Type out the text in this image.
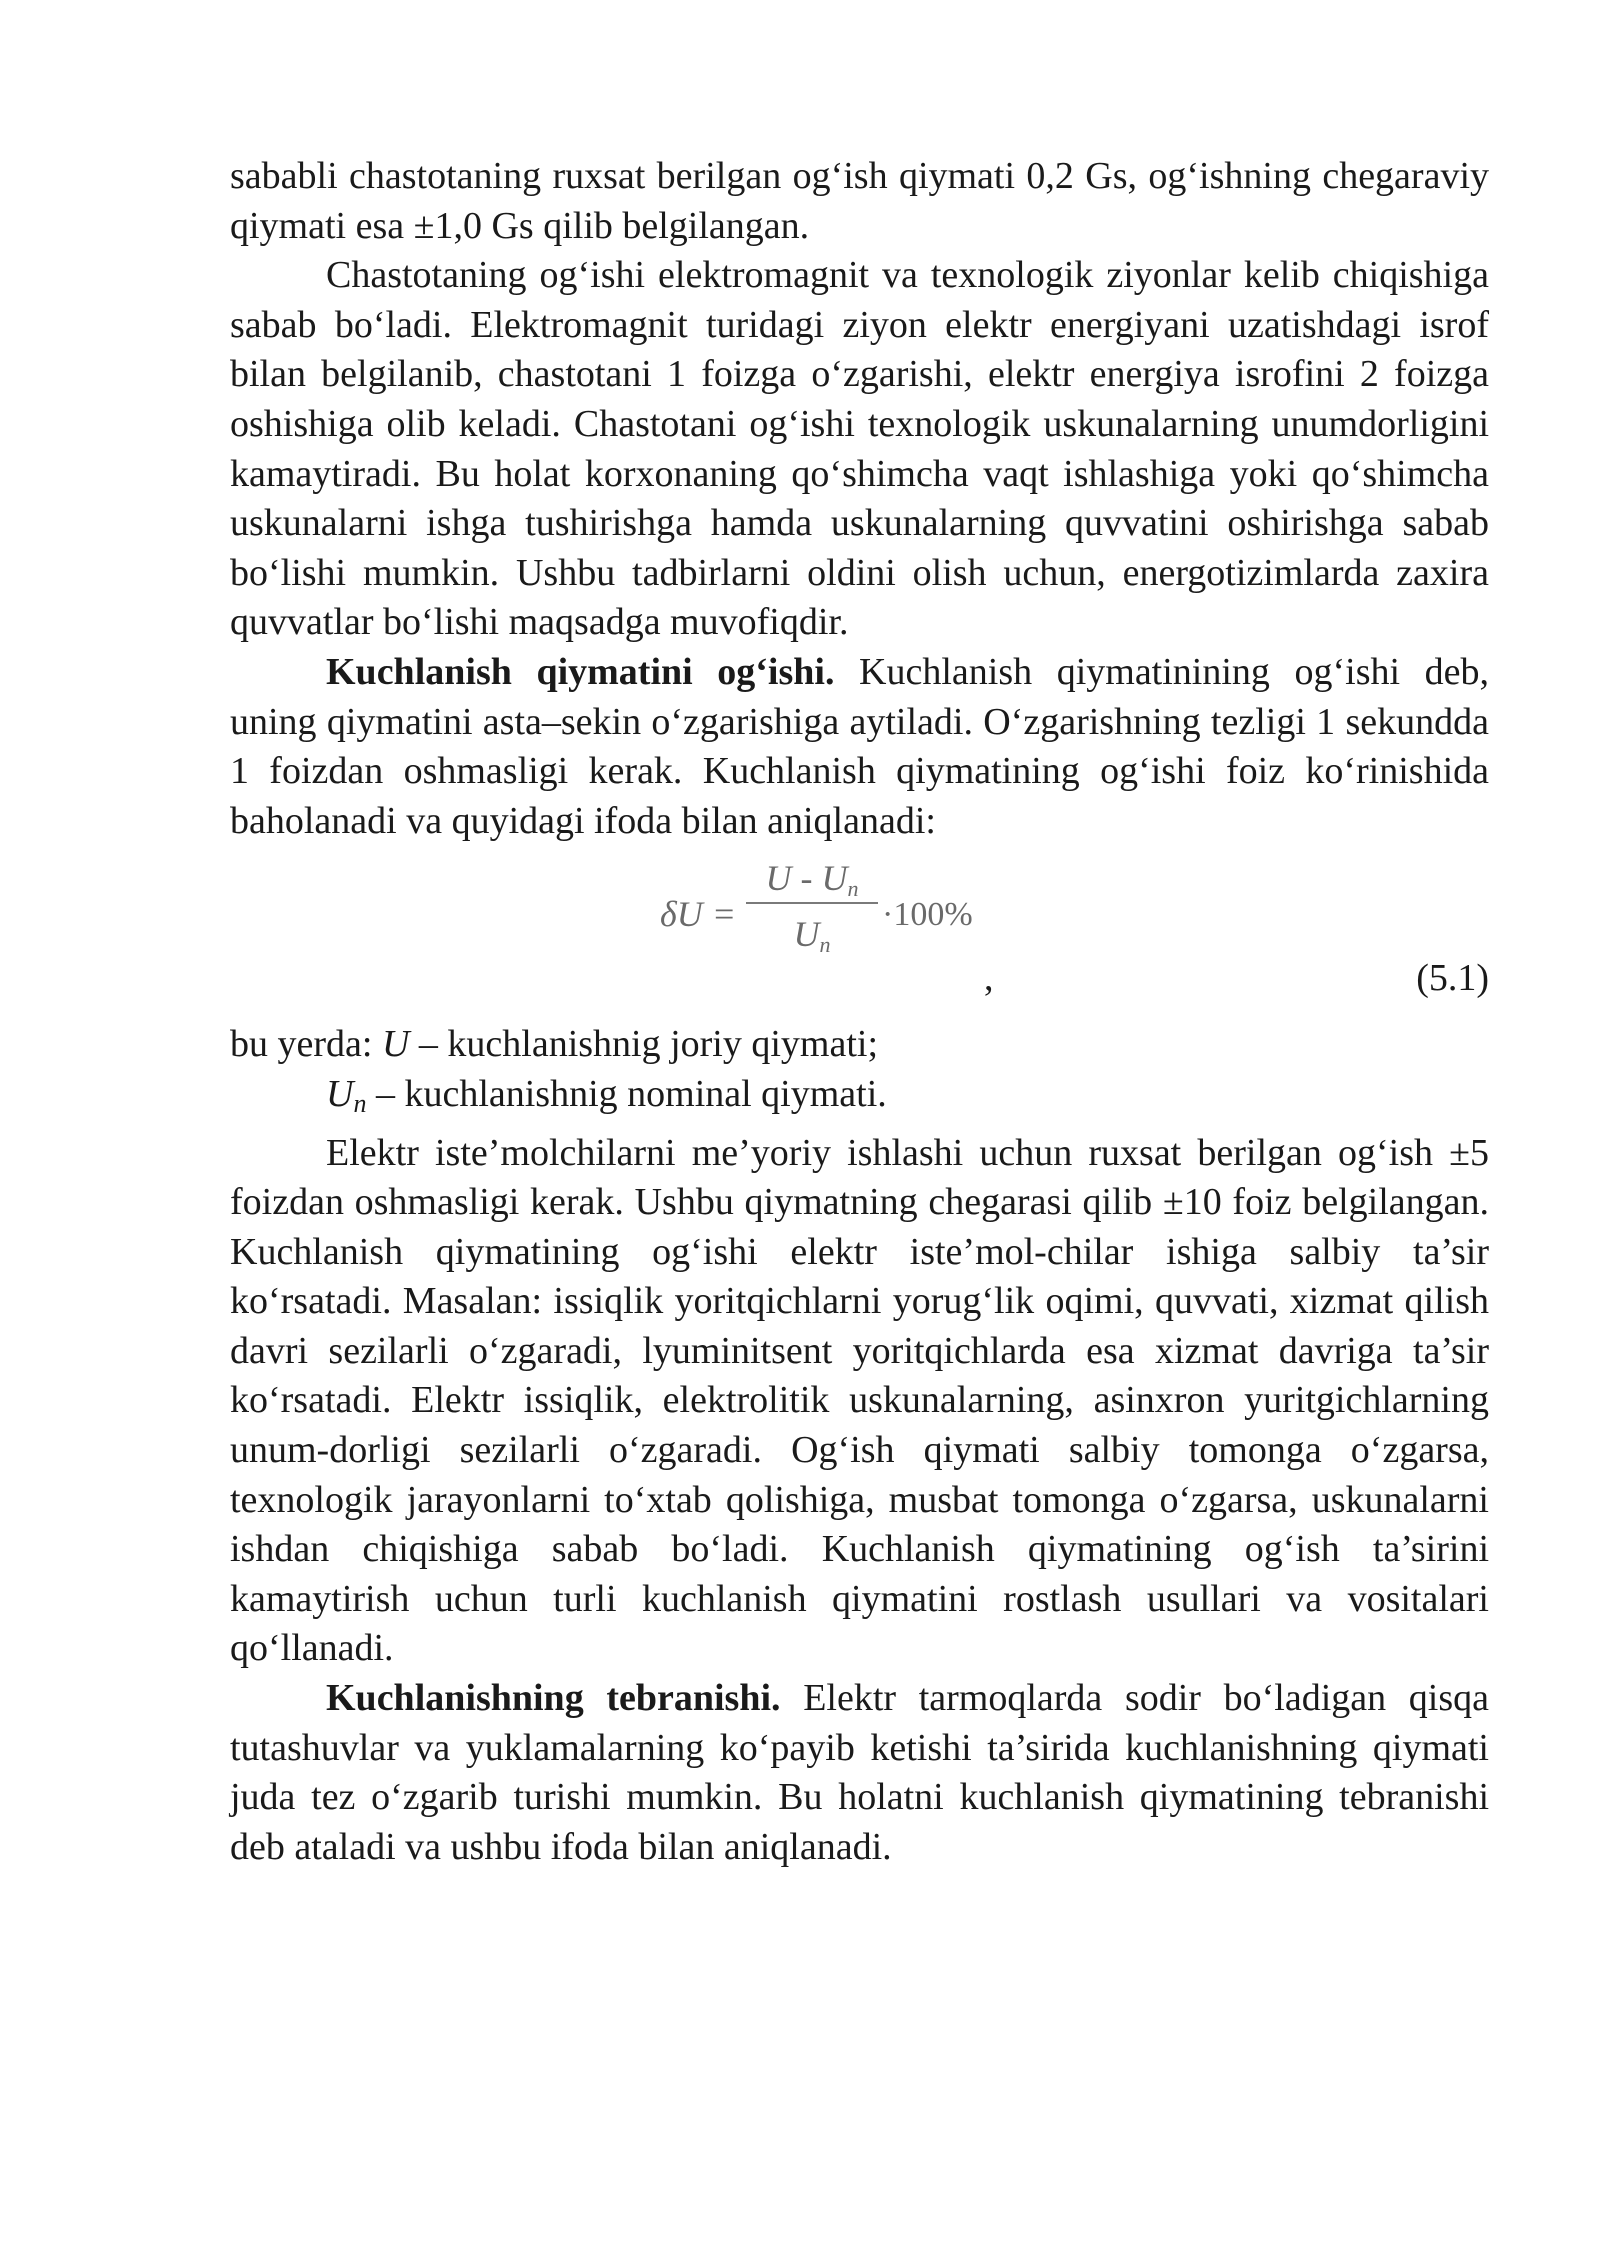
sababli chastotaning ruxsat berilgan og‘ish qiymati 0,2 Gs, og‘ishning chegaraviy qiymati esa ±1,0 Gs qilib belgilangan.

Chastotaning og‘ishi elektromagnit va texnologik ziyonlar kelib chiqishiga sabab bo‘ladi. Elektromagnit turidagi ziyon elektr energiyani uzatishdagi isrof bilan belgilanib, chastotani 1 foizga o‘zgarishi, elektr energiya isrofini 2 foizga oshishiga olib keladi. Chastotani og‘ishi texnologik uskunalarning unumdorligini kamaytiradi. Bu holat korxonaning qo‘shimcha vaqt ishlashiga yoki qo‘shimcha uskunalarni ishga tushirishga hamda uskunalarning quvvatini oshirishga sabab bo‘lishi mumkin. Ushbu tadbirlarni oldini olish uchun, energotizimlarda zaxira quvvatlar bo‘lishi maqsadga muvofiqdir.

Kuchlanish qiymatini og‘ishi. Kuchlanish qiymatinining og‘ishi deb, uning qiymatini asta–sekin o‘zgarishiga aytiladi. O‘zgarishning tezligi 1 sekundda 1 foizdan oshmasligi kerak. Kuchlanish qiymatining og‘ishi foiz ko‘rinishida baholanadi va quyidagi ifoda bilan aniqlanadi:

δU =
U - $U_n$
$U_n$
·100%
,	(5.1)

bu yerda: U – kuchlanishnig joriy qiymati;

Un – kuchlanishnig nominal qiymati.

Elektr iste’molchilarni me’yoriy ishlashi uchun ruxsat berilgan og‘ish ±5 foizdan oshmasligi kerak. Ushbu qiymatning chegarasi qilib ±10 foiz belgilangan. Kuchlanish qiymatining og‘ishi elektr iste’mol-chilar ishiga salbiy ta’sir ko‘rsatadi. Masalan: issiqlik yoritqichlarni yorug‘lik oqimi, quvvati, xizmat qilish davri sezilarli o‘zgaradi, lyuminitsent yoritqichlarda esa xizmat davriga ta’sir ko‘rsatadi. Elektr issiqlik, elektrolitik uskunalarning, asinxron yuritgichlarning unum-dorligi sezilarli o‘zgaradi. Og‘ish qiymati salbiy tomonga o‘zgarsa, texnologik jarayonlarni to‘xtab qolishiga, musbat tomonga o‘zgarsa, uskunalarni ishdan chiqishiga sabab bo‘ladi. Kuchlanish qiymatining og‘ish ta’sirini kamaytirish uchun turli kuchlanish qiymatini rostlash usullari va vositalari qo‘llanadi.

Kuchlanishning tebranishi. Elektr tarmoqlarda sodir bo‘ladigan qisqa tutashuvlar va yuklamalarning ko‘payib ketishi ta’sirida kuchlanishning qiymati juda tez o‘zgarib turishi mumkin. Bu holatni kuchlanish qiymatining tebranishi deb ataladi va ushbu ifoda bilan aniqlanadi.
